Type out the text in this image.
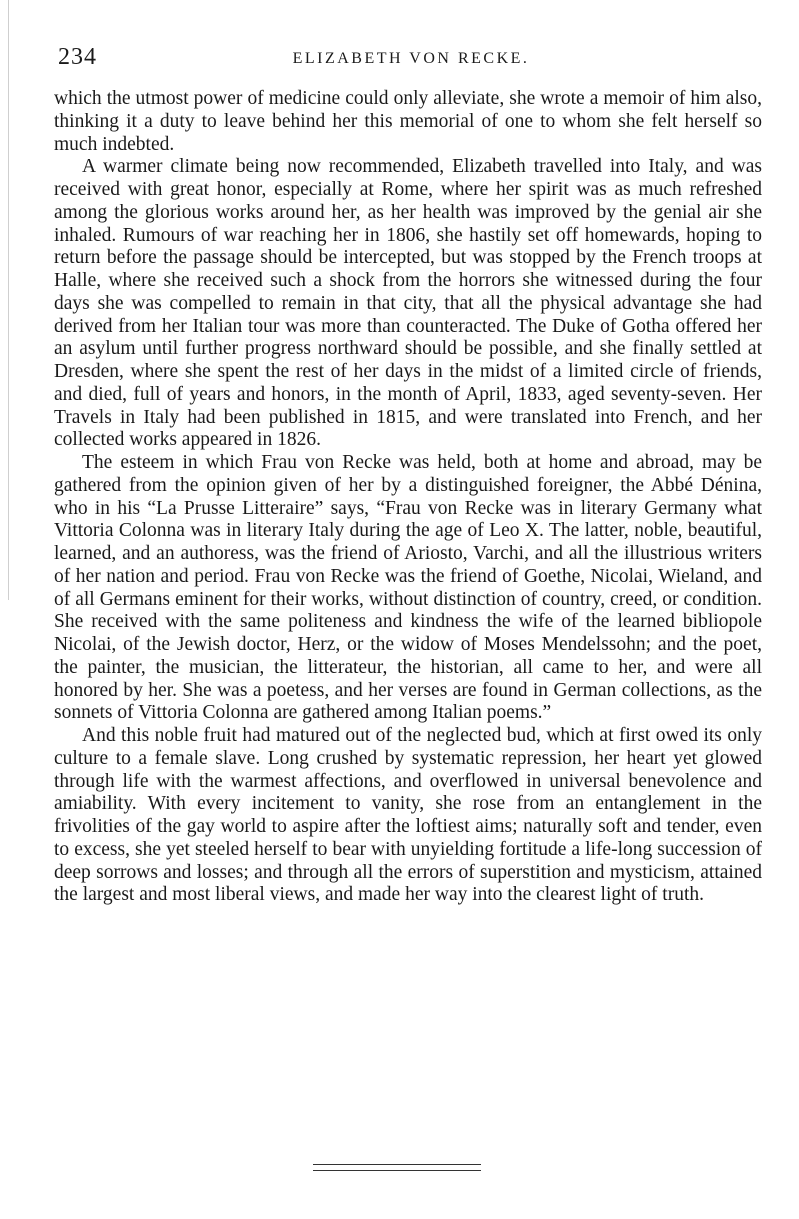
234	ELIZABETH VON RECKE.

which the utmost power of medicine could only alleviate, she wrote a memoir of him also, thinking it a duty to leave behind her this memorial of one to whom she felt herself so much indebted.

A warmer climate being now recommended, Elizabeth travelled into Italy, and was received with great honor, especially at Rome, where her spirit was as much refreshed among the glorious works around her, as her health was improved by the genial air she inhaled. Rumours of war reaching her in 1806, she hastily set off homewards, hoping to return before the passage should be intercepted, but was stopped by the French troops at Halle, where she received such a shock from the horrors she witnessed during the four days she was compelled to remain in that city, that all the physical advantage she had derived from her Italian tour was more than counteracted. The Duke of Gotha offered her an asylum until further progress northward should be possible, and she finally settled at Dresden, where she spent the rest of her days in the midst of a limited circle of friends, and died, full of years and honors, in the month of April, 1833, aged seventy-seven. Her Travels in Italy had been published in 1815, and were translated into French, and her collected works appeared in 1826.

The esteem in which Frau von Recke was held, both at home and abroad, may be gathered from the opinion given of her by a distinguished foreigner, the Abbé Dénina, who in his “La Prusse Litteraire” says, “Frau von Recke was in literary Germany what Vittoria Colonna was in literary Italy during the age of Leo X. The latter, noble, beautiful, learned, and an authoress, was the friend of Ariosto, Varchi, and all the illustrious writers of her nation and period. Frau von Recke was the friend of Goethe, Nicolai, Wieland, and of all Germans eminent for their works, without distinction of country, creed, or condition. She received with the same politeness and kindness the wife of the learned bibliopole Nicolai, of the Jewish doctor, Herz, or the widow of Moses Mendelssohn; and the poet, the painter, the musician, the litterateur, the historian, all came to her, and were all honored by her. She was a poetess, and her verses are found in German collections, as the sonnets of Vittoria Colonna are gathered among Italian poems.”

And this noble fruit had matured out of the neglected bud, which at first owed its only culture to a female slave. Long crushed by systematic repression, her heart yet glowed through life with the warmest affections, and overflowed in universal benevolence and amiability. With every incitement to vanity, she rose from an entanglement in the frivolities of the gay world to aspire after the loftiest aims; naturally soft and tender, even to excess, she yet steeled herself to bear with unyielding fortitude a life-long succession of deep sorrows and losses; and through all the errors of superstition and mysticism, attained the largest and most liberal views, and made her way into the clearest light of truth.
